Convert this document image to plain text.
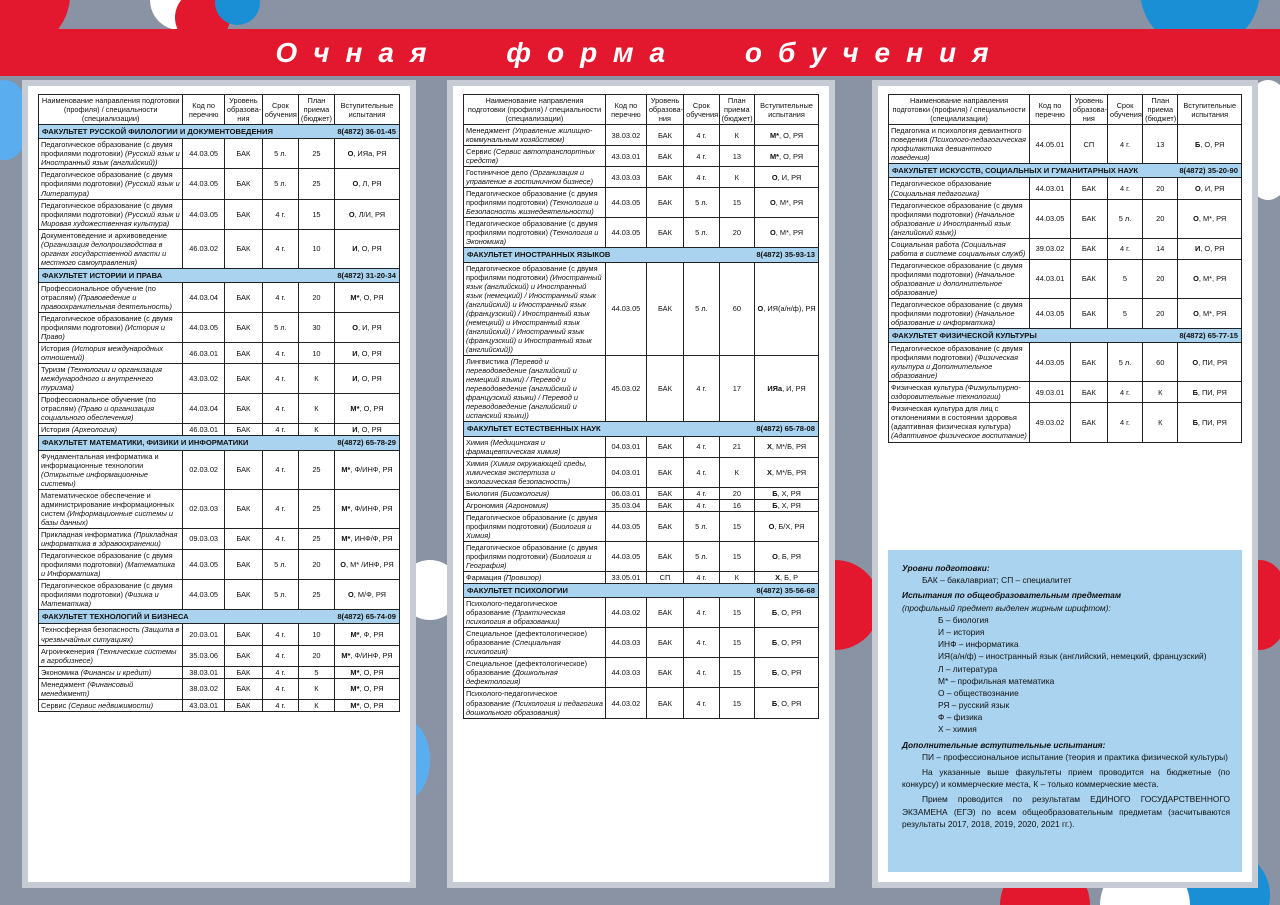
Очная форма обучения
Наименование направления подготовки (профиля) / специальности (специализации)	Код по перечню	Уровень образова-ния	Срок обучения	План приема (бюджет)	Вступительные испытания

8(4872) 36-01-45
ФАКУЛЬТЕТ РУССКОЙ ФИЛОЛОГИИ И ДОКУМЕНТОВЕДЕНИЯ					
Педагогическое образование (с двумя профилями подготовки) (Русский язык и Иностранный язык (английский))	44.03.05	БАК	5 л.	25	О, ИЯа, РЯ
Педагогическое образование (с двумя профилями подготовки) (Русский язык и Литература)	44.03.05	БАК	5 л.	25	О, Л, РЯ
Педагогическое образование (с двумя профилями подготовки) (Русский язык и Мировая художественная культура)	44.03.05	БАК	4 г.	15	О, Л/И, РЯ
Документоведение и архивоведение (Организация делопроизводства в органах государственной власти и местного самоуправления)	46.03.02	БАК	4 г.	10	И, О, РЯ

8(4872) 31-20-34
ФАКУЛЬТЕТ ИСТОРИИ И ПРАВА					
Профессиональное обучение (по отраслям) (Правоведение и правоохранительная деятельность)	44.03.04	БАК	4 г.	20	М*, О, РЯ
Педагогическое образование (с двумя профилями подготовки) (История и Право)	44.03.05	БАК	5 л.	30	О, И, РЯ
История (История международных отношений)	46.03.01	БАК	4 г.	10	И, О, РЯ
Туризм (Технологии и организация международного и внутреннего туризма)	43.03.02	БАК	4 г.	К	И, О, РЯ
Профессиональное обучение (по отраслям) (Право и организация социального обеспечения)	44.03.04	БАК	4 г.	К	М*, О, РЯ
История (Археология)	46.03.01	БАК	4 г.	К	И, О, РЯ

8(4872) 65-78-29
ФАКУЛЬТЕТ МАТЕМАТИКИ, ФИЗИКИ И ИНФОРМАТИКИ					
Фундаментальная информатика и информационные технологии (Открытые информационные системы)	02.03.02	БАК	4 г.	25	М*, Ф/ИНФ, РЯ
Математическое обеспечение и администрирование информационных систем (Информационные системы и базы данных)	02.03.03	БАК	4 г.	25	М*, Ф/ИНФ, РЯ
Прикладная информатика (Прикладная информатика в здравоохранении)	09.03.03	БАК	4 г.	25	М*, ИНФ/Ф, РЯ
Педагогическое образование (с двумя профилями подготовки) (Математика и Информатика)	44.03.05	БАК	5 л.	20	О, М* /ИНФ, РЯ
Педагогическое образование (с двумя профилями подготовки) (Физика и Математика)	44.03.05	БАК	5 л.	25	О, М/Ф, РЯ

8(4872) 65-74-09
ФАКУЛЬТЕТ ТЕХНОЛОГИЙ И БИЗНЕСА					
Техносферная безопасность (Защита в чрезвычайных ситуациях)	20.03.01	БАК	4 г.	10	М*, Ф, РЯ
Агроинженерия (Технические системы в агробизнесе)	35.03.06	БАК	4 г.	20	М*, Ф/ИНФ, РЯ
Экономика (Финансы и кредит)	38.03.01	БАК	4 г.	5	М*, О, РЯ
Менеджмент (Финансовый менеджмент)	38.03.02	БАК	4 г.	К	М*, О, РЯ
Сервис (Сервис недвижимости)	43.03.01	БАК	4 г.	К	М*, О, РЯ
Наименование направления подготовки (профиля) / специальности (специализации)	Код по перечню	Уровень образова-ния	Срок обучения	План приема (бюджет)	Вступительные испытания
Менеджмент (Управление жилищно-коммунальным хозяйством)	38.03.02	БАК	4 г.	К	М*, О, РЯ
Сервис (Сервис автотранспортных средств)	43.03.01	БАК	4 г.	13	М*, О, РЯ
Гостиничное дело (Организация и управление в гостиничном бизнесе)	43.03.03	БАК	4 г.	К	О, И, РЯ
Педагогическое образование (с двумя профилями подготовки) (Технология и Безопасность жизнедеятельности)	44.03.05	БАК	5 л.	15	О, М*, РЯ
Педагогическое образование (с двумя профилями подготовки) (Технология и Экономика)	44.03.05	БАК	5 л.	20	О, М*, РЯ

8(4872) 35-93-13
ФАКУЛЬТЕТ ИНОСТРАННЫХ ЯЗЫКОВ					
Педагогическое образование (с двумя профилями подготовки) (Иностранный язык (английский) и Иностранный язык (немецкий) / Иностранный язык (английский) и Иностранный язык (французский) / Иностранный язык (немецкий) и Иностранный язык (английский) / Иностранный язык (французский) и Иностранный язык (английский))	44.03.05	БАК	5 л.	60	О, ИЯ(а/н/ф), РЯ
Лингвистика (Перевод и переводоведение (английский и немецкий языки) / Перевод и переводоведение (английский и французский языки) / Перевод и переводоведение (английский и испанский языки))	45.03.02	БАК	4 г.	17	ИЯа, И, РЯ

8(4872) 65-78-08
ФАКУЛЬТЕТ ЕСТЕСТВЕННЫХ НАУК					
Химия (Медицинская и фармацевтическая химия)	04.03.01	БАК	4 г.	21	Х, М*/Б, РЯ
Химия (Химия окружающей среды, химическая экспертиза и экологическая безопасность)	04.03.01	БАК	4 г.	К	Х, М*/Б, РЯ
Биология (Биоэкология)	06.03.01	БАК	4 г.	20	Б, Х, РЯ
Агрономия (Агрономия)	35.03.04	БАК	4 г.	16	Б, Х, РЯ
Педагогическое образование (с двумя профилями подготовки) (Биология и Химия)	44.03.05	БАК	5 л.	15	О, Б/Х, РЯ
Педагогическое образование (с двумя профилями подготовки) (Биология и География)	44.03.05	БАК	5 л.	15	О, Б, РЯ
Фармация (Провизор)	33.05.01	СП	4 г.	К	Х, Б, Р

8(4872) 35-56-68
ФАКУЛЬТЕТ ПСИХОЛОГИИ					
Психолого-педагогическое образование (Практическая психология в образовании)	44.03.02	БАК	4 г.	15	Б, О, РЯ
Специальное (дефектологическое) образование (Специальная психология)	44.03.03	БАК	4 г.	15	Б, О, РЯ
Специальное (дефектологическое) образование (Дошкольная дефектология)	44.03.03	БАК	4 г.	15	Б, О, РЯ
Психолого-педагогическое образование (Психология и педагогика дошкольного образования)	44.03.02	БАК	4 г.	15	Б, О, РЯ
Наименование направления подготовки (профиля) / специальности (специализации)	Код по перечню	Уровень образова-ния	Срок обучения	План приема (бюджет)	Вступительные испытания
Педагогика и психология девиантного поведения (Психолого-педагогическая профилактика девиантного поведения)	44.05.01	СП	4 г.	13	Б, О, РЯ

8(4872) 35-20-90
ФАКУЛЬТЕТ ИСКУССТВ, СОЦИАЛЬНЫХ И ГУМАНИТАРНЫХ НАУК					
Педагогическое образование (Социальная педагогика)	44.03.01	БАК	4 г.	20	О, И, РЯ
Педагогическое образование (с двумя профилями подготовки) (Начальное образование и Иностранный язык (английский язык))	44.03.05	БАК	5 л.	20	О, М*, РЯ
Социальная работа (Социальная работа в системе социальных служб)	39.03.02	БАК	4 г.	14	И, О, РЯ
Педагогическое образование (с двумя профилями подготовки) (Начальное образование и дополнительное образование)	44.03.01	БАК	5	20	О, М*, РЯ
Педагогическое образование (с двумя профилями подготовки) (Начальное образование и информатика)	44.03.05	БАК	5	20	О, М*, РЯ

8(4872) 65-77-15
ФАКУЛЬТЕТ ФИЗИЧЕСКОЙ КУЛЬТУРЫ					
Педагогическое образование (с двумя профилями подготовки) (Физическая культура и Дополнительное образование)	44.03.05	БАК	5 л.	60	О, ПИ, РЯ
Физическая культура (Физкультурно-оздоровительные технологии)	49.03.01	БАК	4 г.	К	Б, ПИ, РЯ
Физическая культура для лиц с отклонениями в состоянии здоровья (адаптивная физическая культура) (Адаптивное физическое воспитание)	49.03.02	БАК	4 г.	К	Б, ПИ, РЯ
Уровни подготовки:
БАК – бакалавриат; СП – специалитет
Испытания по общеобразовательным предметам
(профильный предмет выделен жирным шрифтом):
Б – биология
И – история
ИНФ – информатика
ИЯ(а/н/ф) – иностранный язык (английский, немецкий, французский)
Л – литература
М* – профильная математика
О – обществознание
РЯ – русский язык
Ф – физика
Х – химия
Дополнительные вступительные испытания:
ПИ – профессиональное испытание (теория и практика физической культуры)
На указанные выше факультеты прием проводится на бюджетные (по конкурсу) и коммерческие места, К – только коммерческие места.
Прием проводится по результатам ЕДИНОГО ГОСУДАРСТВЕННОГО ЭКЗАМЕНА (ЕГЭ) по всем общеобразовательным предметам (засчитываются результаты 2017, 2018, 2019, 2020, 2021 гг.).
